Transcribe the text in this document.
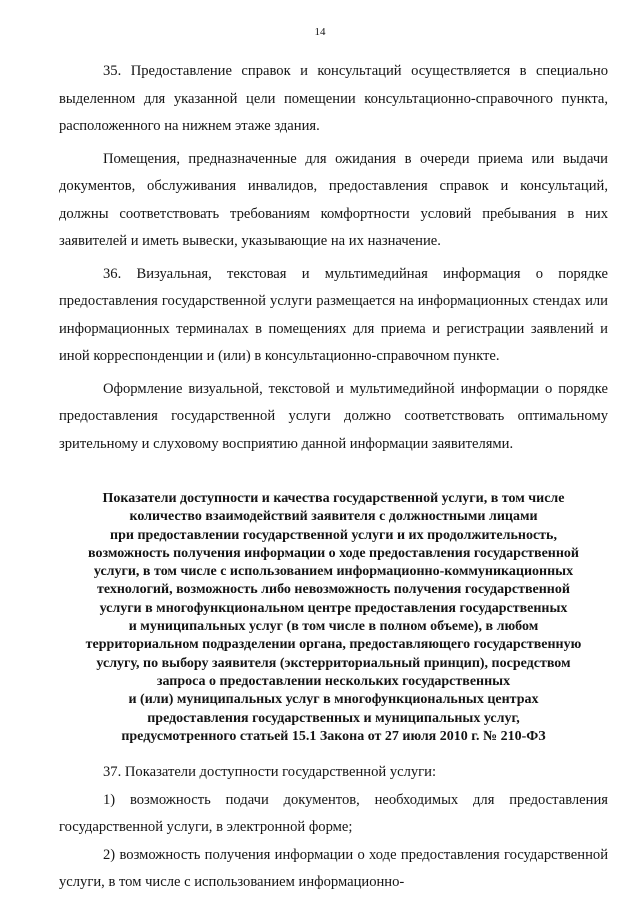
14

35. Предоставление справок и консультаций осуществляется в специально выделенном для указанной цели помещении консультационно-справочного пункта, расположенного на нижнем этаже здания.

Помещения, предназначенные для ожидания в очереди приема или выдачи документов, обслуживания инвалидов, предоставления справок и консультаций, должны соответствовать требованиям комфортности условий пребывания в них заявителей и иметь вывески, указывающие на их назначение.

36. Визуальная, текстовая и мультимедийная информация о порядке предоставления государственной услуги размещается на информационных стендах или информационных терминалах в помещениях для приема и регистрации заявлений и иной корреспонденции и (или) в консультационно-справочном пункте.

Оформление визуальной, текстовой и мультимедийной информации о порядке предоставления государственной услуги должно соответствовать оптимальному зрительному и слуховому восприятию данной информации заявителями.

Показатели доступности и качества государственной услуги, в том числе
количество взаимодействий заявителя с должностными лицами
при предоставлении государственной услуги и их продолжительность,
возможность получения информации о ходе предоставления государственной
услуги, в том числе с использованием информационно-коммуникационных
технологий, возможность либо невозможность получения государственной
услуги в многофункциональном центре предоставления государственных
и муниципальных услуг (в том числе в полном объеме), в любом
территориальном подразделении органа, предоставляющего государственную
услугу, по выбору заявителя (экстерриториальный принцип), посредством
запроса о предоставлении нескольких государственных
и (или) муниципальных услуг в многофункциональных центрах
предоставления государственных и муниципальных услуг,
предусмотренного статьей 15.1 Закона от 27 июля 2010 г. № 210-ФЗ

37. Показатели доступности государственной услуги:

1) возможность подачи документов, необходимых для предоставления государственной услуги, в электронной форме;

2) возможность получения информации о ходе предоставления государственной услуги, в том числе с использованием информационно-
